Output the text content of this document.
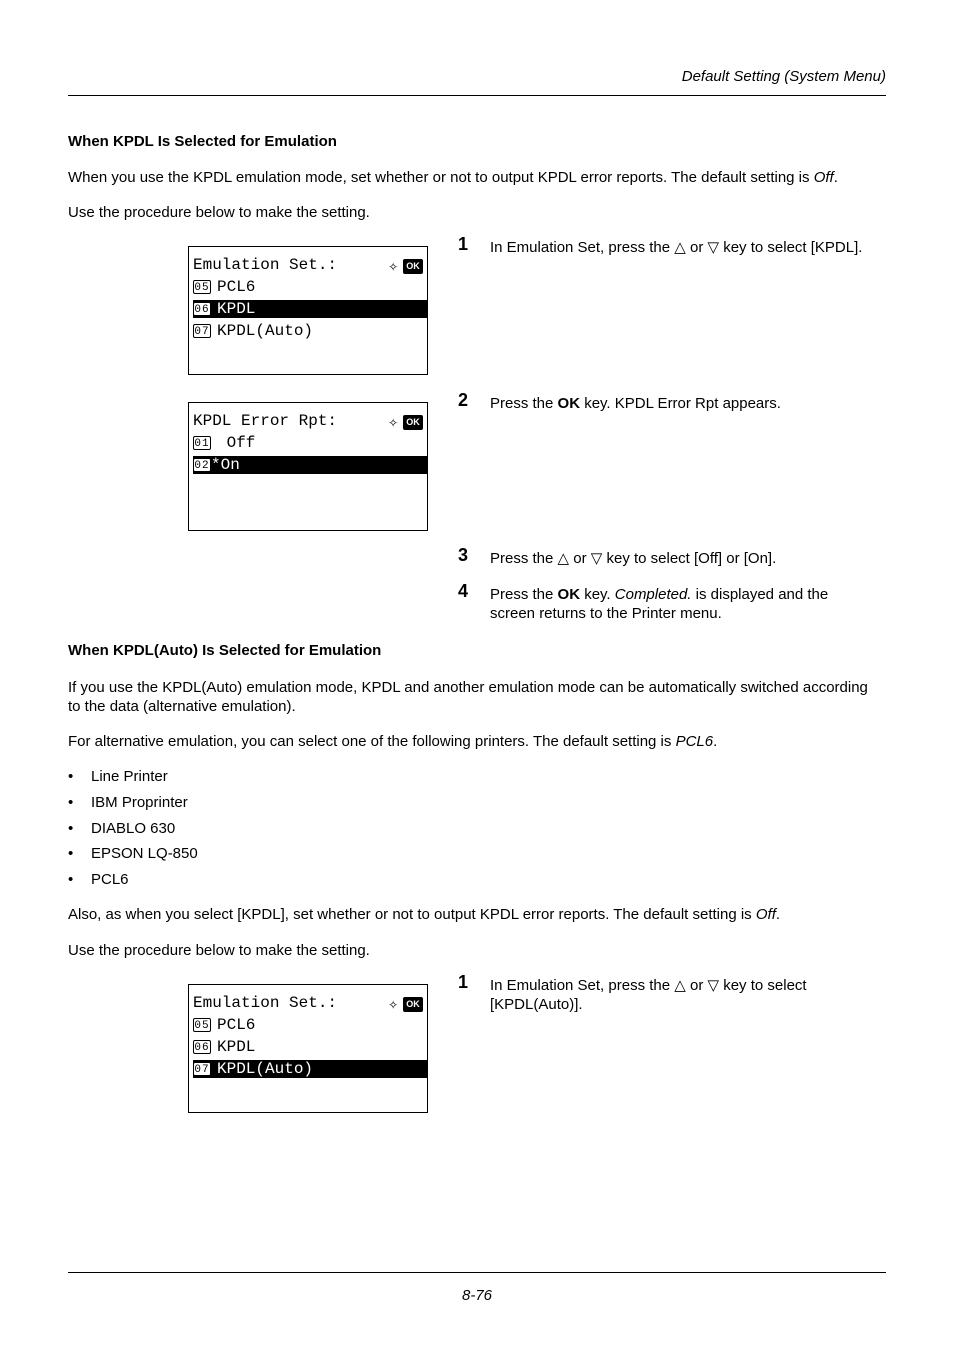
Default Setting (System Menu)
When KPDL Is Selected for Emulation
When you use the KPDL emulation mode, set whether or not to output KPDL error reports. The default setting is Off.
Use the procedure below to make the setting.
Emulation Set.:	✧ OK
05 PCL6
06 KPDL
07 KPDL(Auto)
KPDL Error Rpt:	✧ OK
01 Off
02*On
1 In Emulation Set, press the △ or ▽ key to select [KPDL].
2 Press the OK key. KPDL Error Rpt appears.
3 Press the △ or ▽ key to select [Off] or [On].
4 Press the OK key. Completed. is displayed and the screen returns to the Printer menu.
When KPDL(Auto) Is Selected for Emulation
If you use the KPDL(Auto) emulation mode, KPDL and another emulation mode can be automatically switched according to the data (alternative emulation).
For alternative emulation, you can select one of the following printers. The default setting is PCL6.
• Line Printer
• IBM Proprinter
• DIABLO 630
• EPSON LQ-850
• PCL6
Also, as when you select [KPDL], set whether or not to output KPDL error reports. The default setting is Off.
Use the procedure below to make the setting.
Emulation Set.:	✧ OK
05 PCL6
06 KPDL
07 KPDL(Auto)
1 In Emulation Set, press the △ or ▽ key to select [KPDL(Auto)].
8-76
